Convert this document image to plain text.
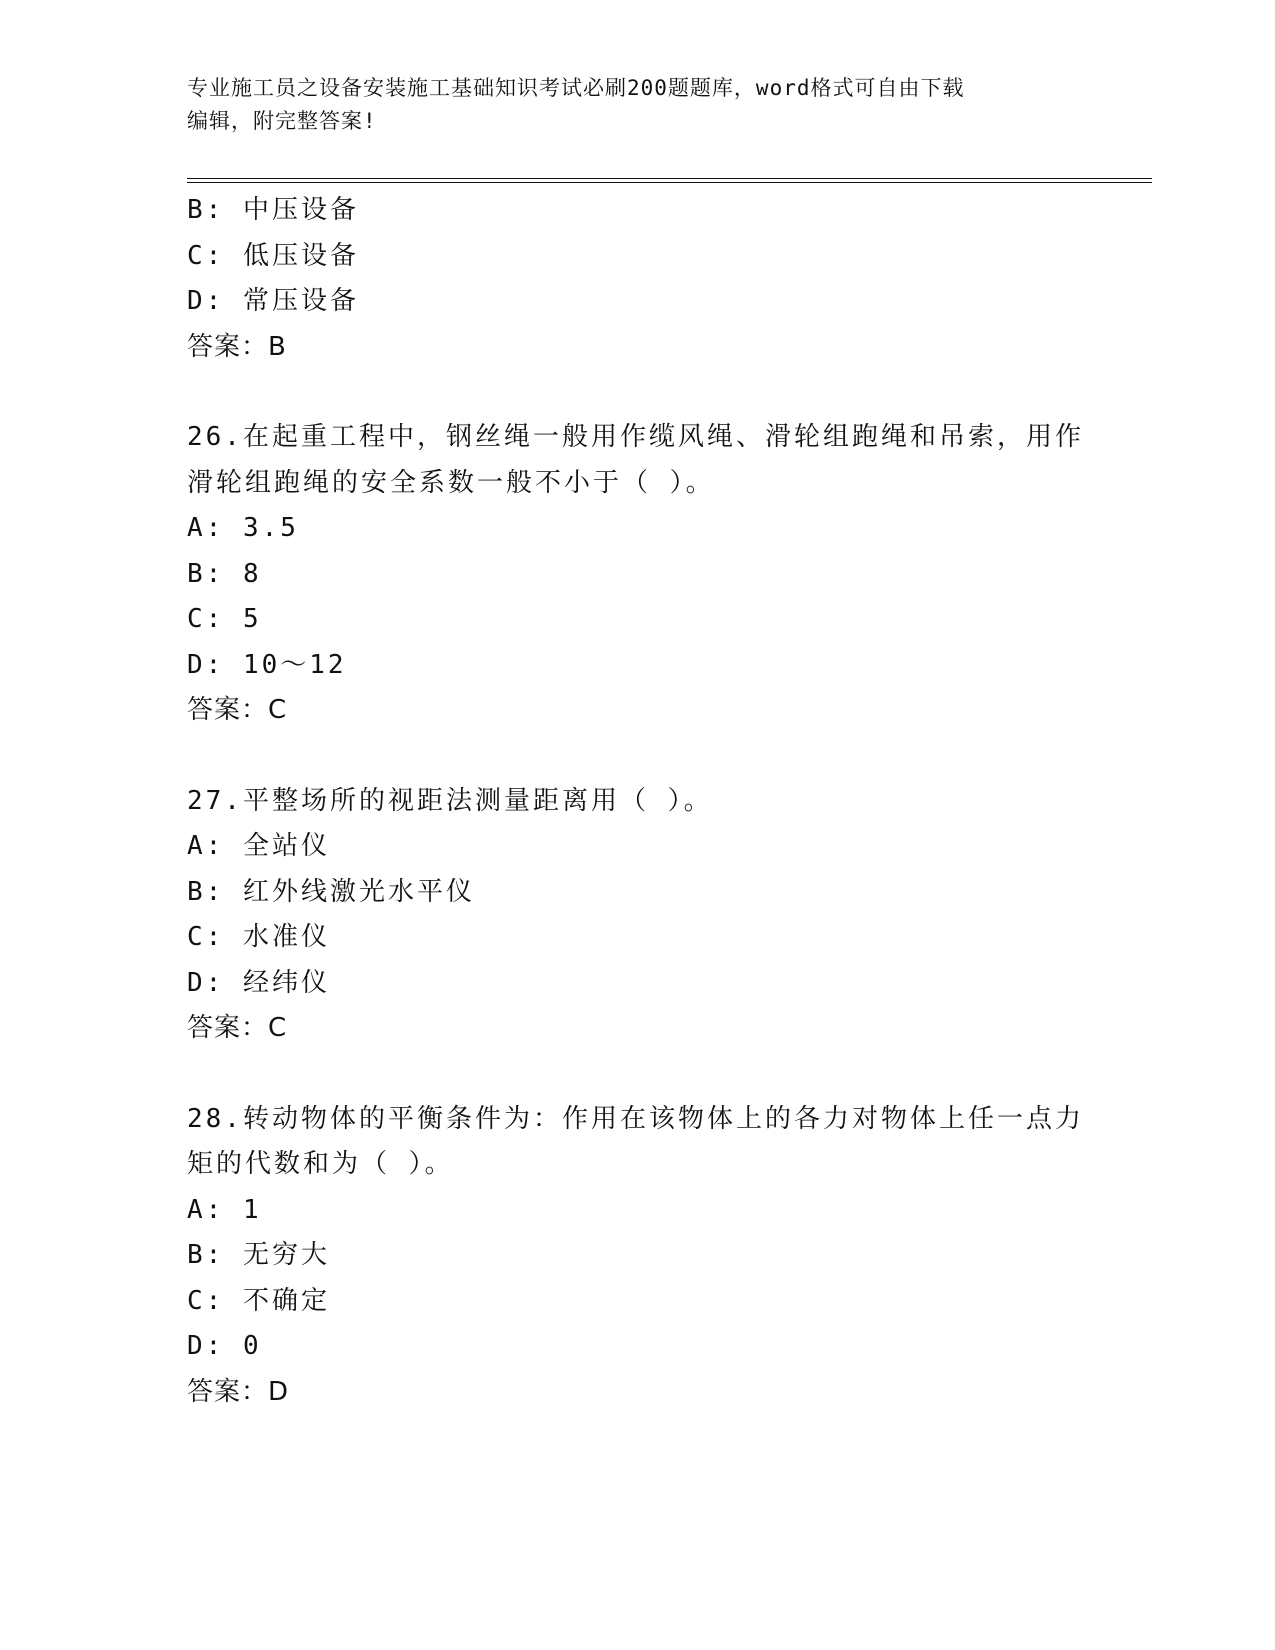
专业施工员之设备安装施工基础知识考试必刷200题题库，word格式可自由下载
编辑，附完整答案!
B: 中压设备
C: 低压设备
D: 常压设备
答案：B
26.在起重工程中，钢丝绳一般用作缆风绳、滑轮组跑绳和吊索，用作
滑轮组跑绳的安全系数一般不小于（ ）。
A: 3.5
B: 8
C: 5
D: 10～12
答案：C
27.平整场所的视距法测量距离用（ ）。
A: 全站仪
B: 红外线激光水平仪
C: 水准仪
D: 经纬仪
答案：C
28.转动物体的平衡条件为：作用在该物体上的各力对物体上任一点力
矩的代数和为（ ）。
A: 1
B: 无穷大
C: 不确定
D: 0
答案：D
